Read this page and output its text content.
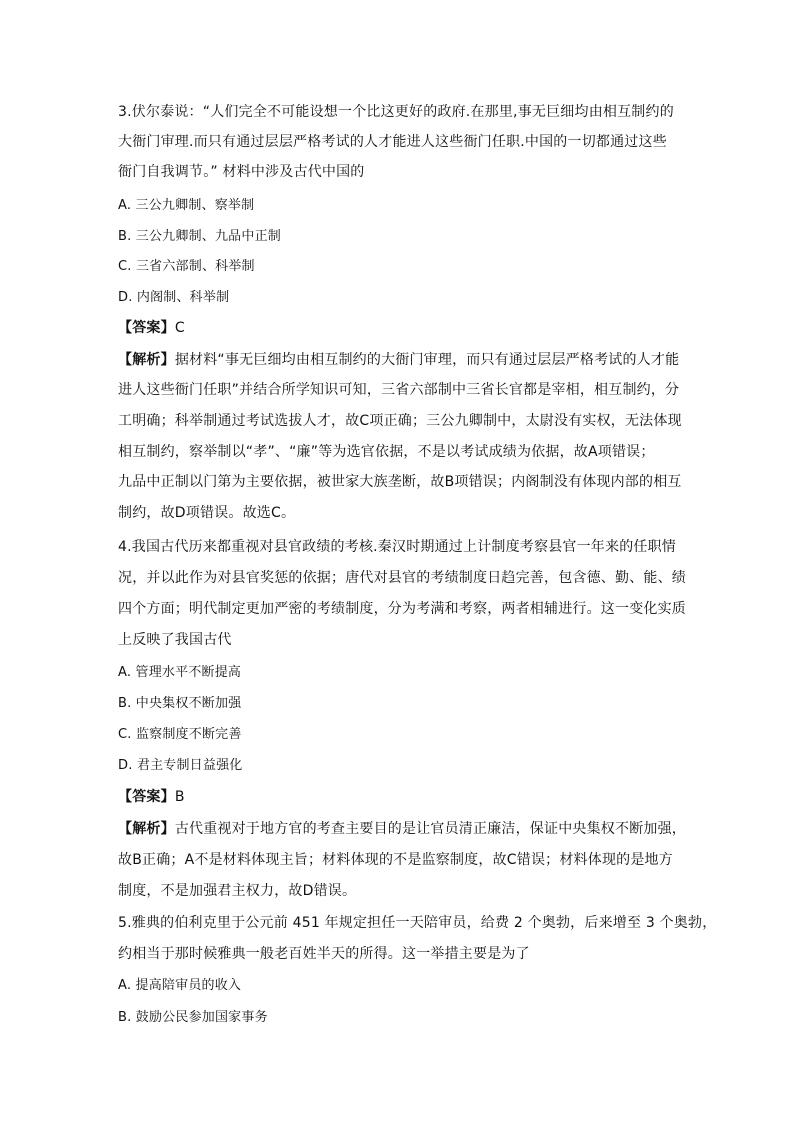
3.伏尔泰说：“人们完全不可能设想一个比这更好的政府.在那里,事无巨细均由相互制约的
大衙门审理.而只有通过层层严格考试的人才能进人这些衙门任职.中国的一切都通过这些
衙门自我调节。” 材料中涉及古代中国的
A. 三公九卿制、察举制
B. 三公九卿制、九品中正制
C. 三省六部制、科举制
D. 内阁制、科举制
【答案】C
【解析】据材料“事无巨细均由相互制约的大衙门审理，而只有通过层层严格考试的人才能
进人这些衙门任职”并结合所学知识可知，三省六部制中三省长官都是宰相，相互制约，分
工明确；科举制通过考试选拔人才，故C项正确；三公九卿制中，太尉没有实权，无法体现
相互制约，察举制以“孝”、“廉”等为选官依据，不是以考试成绩为依据，故A项错误；
九品中正制以门第为主要依据，被世家大族垄断，故B项错误；内阁制没有体现内部的相互
制约，故D项错误。故选C。
4.我国古代历来都重视对县官政绩的考核.秦汉时期通过上计制度考察县官一年来的任职情
况，并以此作为对县官奖惩的依据；唐代对县官的考绩制度日趋完善，包含德、勤、能、绩
四个方面；明代制定更加严密的考绩制度，分为考满和考察，两者相辅进行。这一变化实质
上反映了我国古代
A. 管理水平不断提高
B. 中央集权不断加强
C. 监察制度不断完善
D. 君主专制日益强化
【答案】B
【解析】古代重视对于地方官的考查主要目的是让官员清正廉洁，保证中央集权不断加强，
故B正确；A不是材料体现主旨；材料体现的不是监察制度，故C错误；材料体现的是地方
制度，不是加强君主权力，故D错误。
5.雅典的伯利克里于公元前 451 年规定担任一天陪审员，给费 2 个奥勃，后来增至 3 个奥勃，
约相当于那时候雅典一般老百姓半天的所得。这一举措主要是为了
A. 提高陪审员的收入
B. 鼓励公民参加国家事务
